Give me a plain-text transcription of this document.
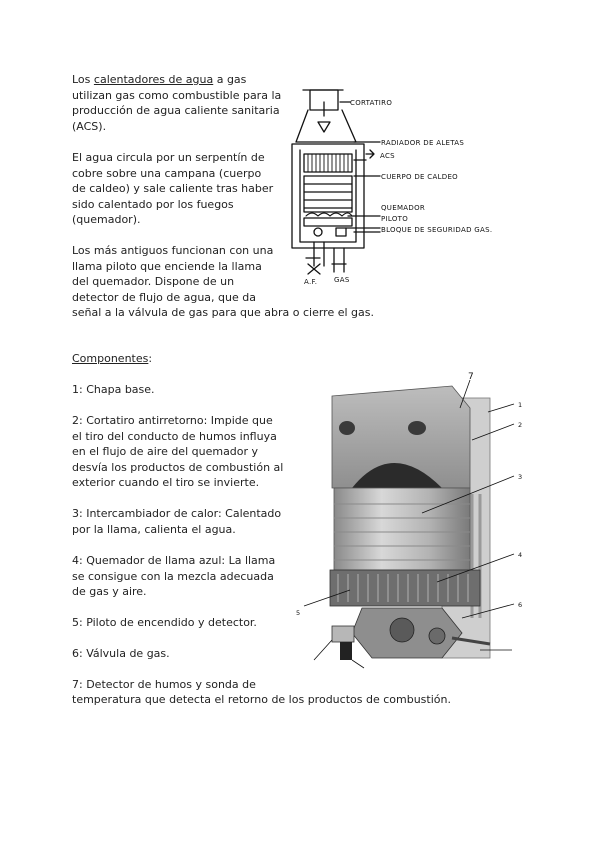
Los calentadores de agua a gas utilizan gas como combustible para la producción de agua caliente sanitaria (ACS).

El agua circula por un serpentín de cobre sobre una campana (cuerpo de caldeo) y sale caliente tras haber sido calentado por los fuegos (quemador).

Los más antiguos funcionan con una llama piloto que enciende la llama del quemador. Dispone de un detector de flujo de agua, que da

señal a la válvula de gas para que abra o cierre el gas.

CORTATIRO
RADIADOR DE ALETAS
ACS
CUERPO DE CALDEO
QUEMADOR
PILOTO
BLOQUE DE SEGURIDAD GAS.
A.F. GAS

Componentes:

1: Chapa base.

2: Cortatiro antirretorno: Impide que el tiro del conducto de humos influya en el flujo de aire del quemador y desvía los productos de combustión al exterior cuando el tiro se invierte.

3: Intercambiador de calor: Calentado por la llama, calienta el agua.

4: Quemador de llama azul: La llama se consigue con la mezcla adecuada de gas y aire.

5: Piloto de encendido y detector.

6: Válvula de gas.

7: Detector de humos y sonda de

temperatura que detecta el retorno de los productos de combustión.

1
2
3
4
5
6
7
